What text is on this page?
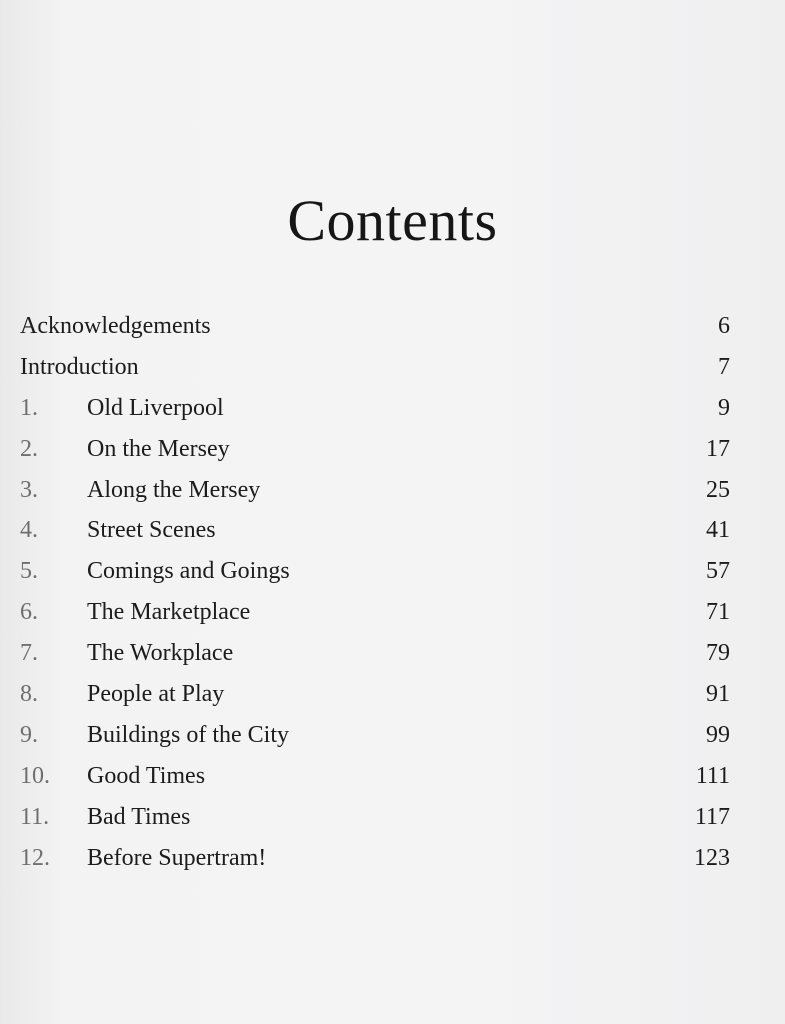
Contents
Acknowledgements	6
Introduction	7
1. Old Liverpool	9
2. On the Mersey	17
3. Along the Mersey	25
4. Street Scenes	41
5. Comings and Goings	57
6. The Marketplace	71
7. The Workplace	79
8. People at Play	91
9. Buildings of the City	99
10. Good Times	111
11. Bad Times	117
12. Before Supertram!	123
